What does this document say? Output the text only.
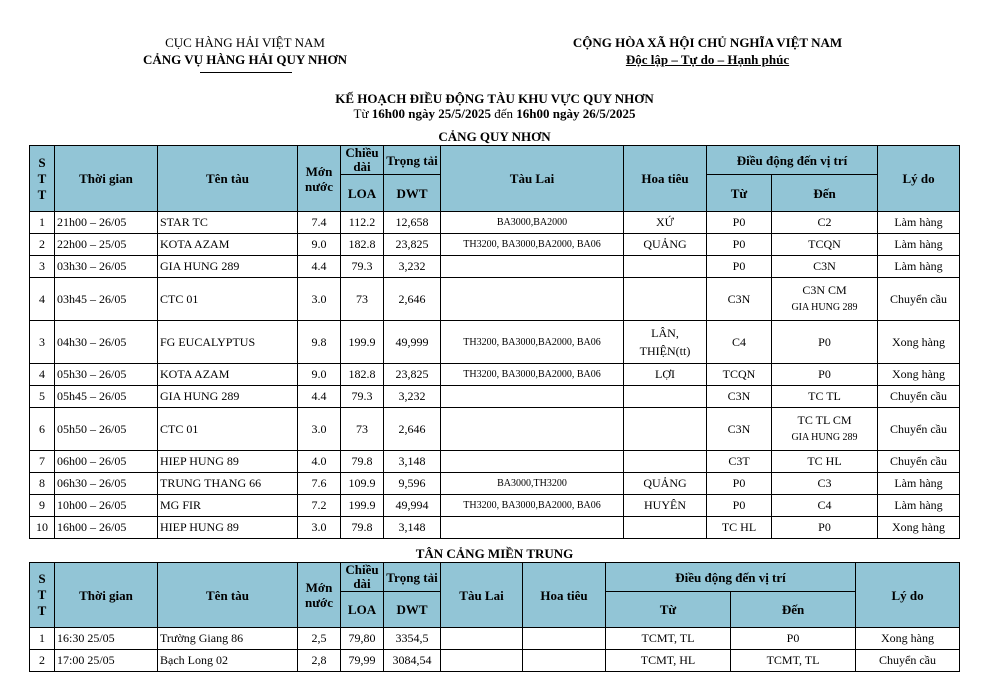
CỤC HÀNG HẢI VIỆT NAM
CẢNG VỤ HÀNG HẢI QUY NHƠN
CỘNG HÒA XÃ HỘI CHỦ NGHĨA VIỆT NAM
Độc lập – Tự do – Hạnh phúc
KẾ HOẠCH ĐIỀU ĐỘNG TÀU KHU VỰC QUY NHƠN
Từ 16h00 ngày 25/5/2025 đến 16h00 ngày 26/5/2025
CẢNG QUY NHƠN
S
T
T	Thời gian	Tên tàu	Mớn nước	Chiều dài	Trọng tải	Tàu Lai	Hoa tiêu	Điều động đến vị trí		Lý do
				LOA	DWT			Từ	Đến	
1	21h00 – 26/05	STAR TC	7.4	112.2	12,658	BA3000,BA2000	XỨ	P0	C2	Làm hàng
2	22h00 – 25/05	KOTA AZAM	9.0	182.8	23,825	TH3200, BA3000,BA2000, BA06	QUẢNG	P0	TCQN	Làm hàng
3	03h30 – 26/05	GIA HUNG 289	4.4	79.3	3,232			P0	C3N	Làm hàng
4	03h45 – 26/05	CTC 01	3.0	73	2,646			C3N	C3N CM
GIA HUNG 289	Chuyển cầu
3	04h30 – 26/05	FG EUCALYPTUS	9.8	199.9	49,999	TH3200, BA3000,BA2000, BA06	LÂN,
THIỆN(tt)	C4	P0	Xong hàng
4	05h30 – 26/05	KOTA AZAM	9.0	182.8	23,825	TH3200, BA3000,BA2000, BA06	LỢI	TCQN	P0	Xong hàng
5	05h45 – 26/05	GIA HUNG 289	4.4	79.3	3,232			C3N	TC TL	Chuyển cầu
6	05h50 – 26/05	CTC 01	3.0	73	2,646			C3N	TC TL CM
GIA HUNG 289	Chuyển cầu
7	06h00 – 26/05	HIEP HUNG 89	4.0	79.8	3,148			C3T	TC HL	Chuyển cầu
8	06h30 – 26/05	TRUNG THANG 66	7.6	109.9	9,596	BA3000,TH3200	QUẢNG	P0	C3	Làm hàng
9	10h00 – 26/05	MG FIR	7.2	199.9	49,994	TH3200, BA3000,BA2000, BA06	HUYÊN	P0	C4	Làm hàng
10	16h00 – 26/05	HIEP HUNG 89	3.0	79.8	3,148			TC HL	P0	Xong hàng
TÂN CẢNG MIỀN TRUNG
S
T
T	Thời gian	Tên tàu	Mớn nước	Chiều dài	Trọng tải	Tàu Lai	Hoa tiêu	Điều động đến vị trí		Lý do
				LOA	DWT			Từ	Đến	
1	16:30 25/05	Trường Giang 86	2,5	79,80	3354,5			TCMT, TL	P0	Xong hàng
2	17:00 25/05	Bạch Long 02	2,8	79,99	3084,54			TCMT, HL	TCMT, TL	Chuyển cầu
